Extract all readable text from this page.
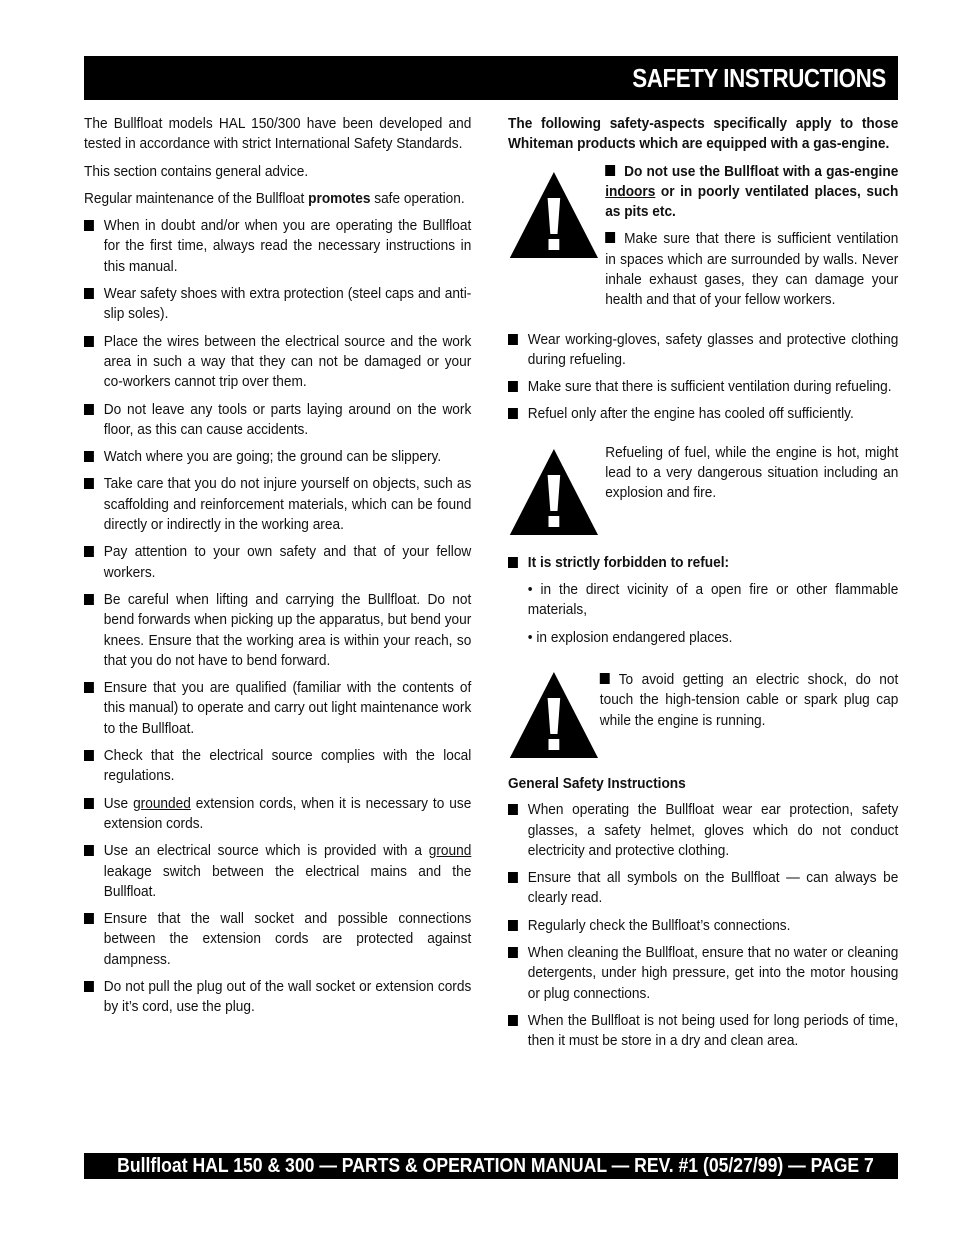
SAFETY INSTRUCTIONS

The Bullfloat models HAL 150/300 have been developed and tested in accordance with strict International Safety Standards.

This section contains general advice.

Regular maintenance of the Bullfloat promotes safe operation.

When in doubt and/or when you are operating the Bullfloat for the first time, always read the necessary instructions in this manual.
Wear safety shoes with extra protection (steel caps and anti-slip soles).
Place the wires between the electrical source and the work area in such a way that they can not be damaged or your co-workers cannot trip over them.
Do not leave any tools or parts laying around on the work floor, as this can cause accidents.
Watch where you are going; the ground can be slippery.
Take care that you do not injure yourself on objects, such as scaffolding and reinforcement materials, which can be found directly or indirectly in the working area.
Pay attention to your own safety and that of your fellow workers.
Be careful when lifting and carrying the Bullfloat. Do not bend forwards when picking up the apparatus, but bend your knees. Ensure that the working area is within your reach, so that you do not have to bend forward.
Ensure that you are qualified (familiar with the contents of this manual) to operate and carry out light maintenance work to the Bullfloat.
Check that the electrical source complies with the local regulations.
Use grounded extension cords, when it is necessary to use extension cords.
Use an electrical source which is provided with a ground leakage switch between the electrical mains and the Bullfloat.
Ensure that the wall socket and possible connections between the extension cords are protected against dampness.
Do not pull the plug out of the wall socket or extension cords by it’s cord, use the plug.

The following safety-aspects specifically apply to those Whiteman products which are equipped with a gas-engine.

Do not use the Bullfloat with a gas-engine indoors or in poorly ventilated places, such as pits etc.

Make sure that there is sufficient ventilation in spaces which are surrounded by walls. Never inhale exhaust gases, they can damage your health and that of your fellow workers.

Wear working-gloves, safety glasses and protective clothing during refueling.
Make sure that there is sufficient ventilation during refueling.
Refuel only after the engine has cooled off sufficiently.

Refueling of fuel, while the engine is hot, might lead to a very dangerous situation including an explosion and fire.

It is strictly forbidden to refuel:

• in the direct vicinity of a open fire or other flammable materials,

• in explosion endangered places.

To avoid getting an electric shock, do not touch the high-tension cable or spark plug cap while the engine is running.

General Safety Instructions

When operating the Bullfloat wear ear protection, safety glasses, a safety helmet, gloves which do not conduct electricity and protective clothing.
Ensure that all symbols on the Bullfloat — can always be clearly read.
Regularly check the Bullfloat’s connections.
When cleaning the Bullfloat, ensure that no water or cleaning detergents, under high pressure, get into the motor housing or plug connections.
When the Bullfloat is not being used for long periods of time, then it must be store in a dry and clean area.
Bullfloat HAL 150 & 300 — PARTS & OPERATION MANUAL — REV. #1 (05/27/99) — PAGE 7
